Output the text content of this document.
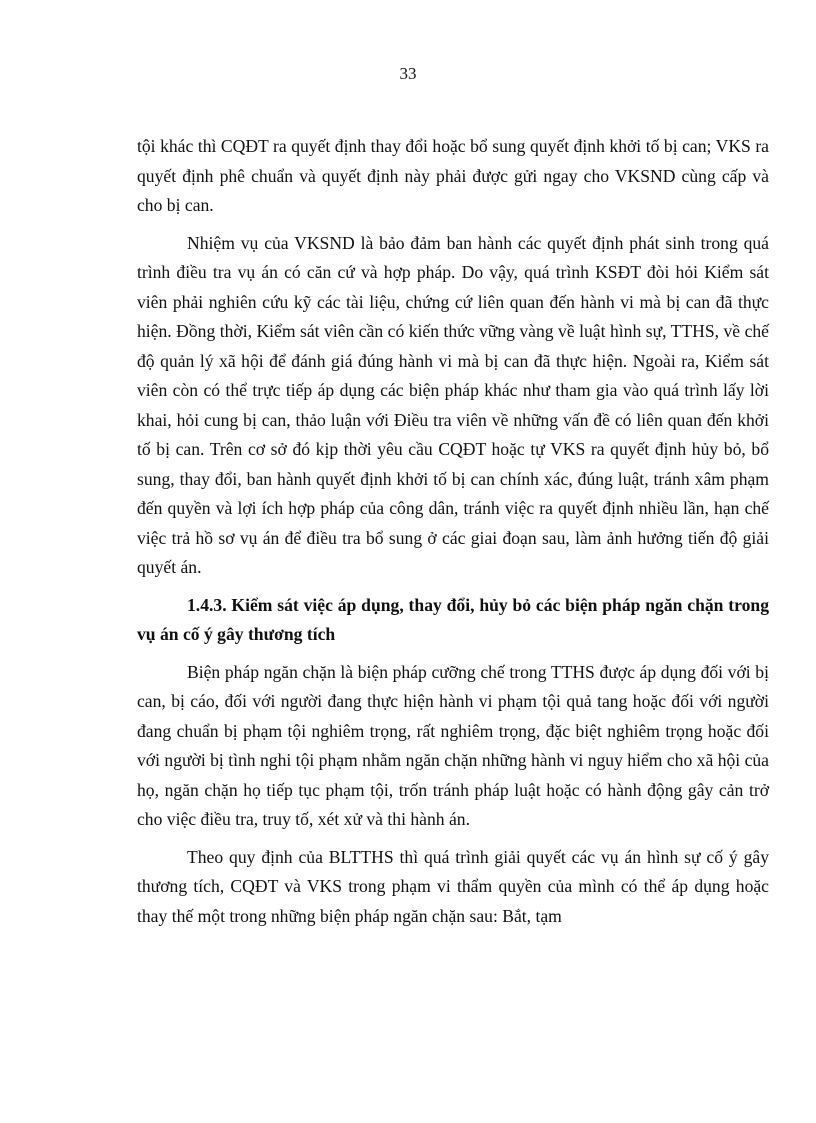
33

tội khác thì CQĐT ra quyết định thay đổi hoặc bổ sung quyết định khởi tố bị can; VKS ra quyết định phê chuẩn và quyết định này phải được gửi ngay cho VKSND cùng cấp và cho bị can.

Nhiệm vụ của VKSND là bảo đảm ban hành các quyết định phát sinh trong quá trình điều tra vụ án có căn cứ và hợp pháp. Do vậy, quá trình KSĐT đòi hỏi Kiểm sát viên phải nghiên cứu kỹ các tài liệu, chứng cứ liên quan đến hành vi mà bị can đã thực hiện. Đồng thời, Kiểm sát viên cần có kiến thức vững vàng về luật hình sự, TTHS, về chế độ quản lý xã hội để đánh giá đúng hành vi mà bị can đã thực hiện. Ngoài ra, Kiểm sát viên còn có thể trực tiếp áp dụng các biện pháp khác như tham gia vào quá trình lấy lời khai, hỏi cung bị can, thảo luận với Điều tra viên về những vấn đề có liên quan đến khởi tố bị can. Trên cơ sở đó kịp thời yêu cầu CQĐT hoặc tự VKS ra quyết định hủy bỏ, bổ sung, thay đổi, ban hành quyết định khởi tố bị can chính xác, đúng luật, tránh xâm phạm đến quyền và lợi ích hợp pháp của công dân, tránh việc ra quyết định nhiều lần, hạn chế việc trả hồ sơ vụ án để điều tra bổ sung ở các giai đoạn sau, làm ảnh hưởng tiến độ giải quyết án.

1.4.3. Kiểm sát việc áp dụng, thay đổi, hủy bỏ các biện pháp ngăn chặn trong vụ án cố ý gây thương tích

Biện pháp ngăn chặn là biện pháp cưỡng chế trong TTHS được áp dụng đối với bị can, bị cáo, đối với người đang thực hiện hành vi phạm tội quả tang hoặc đối với người đang chuẩn bị phạm tội nghiêm trọng, rất nghiêm trọng, đặc biệt nghiêm trọng hoặc đối với người bị tình nghi tội phạm nhằm ngăn chặn những hành vi nguy hiểm cho xã hội của họ, ngăn chặn họ tiếp tục phạm tội, trốn tránh pháp luật hoặc có hành động gây cản trở cho việc điều tra, truy tố, xét xử và thi hành án.

Theo quy định của BLTTHS thì quá trình giải quyết các vụ án hình sự cố ý gây thương tích, CQĐT và VKS trong phạm vi thẩm quyền của mình có thể áp dụng hoặc thay thế một trong những biện pháp ngăn chặn sau: Bắt, tạm
